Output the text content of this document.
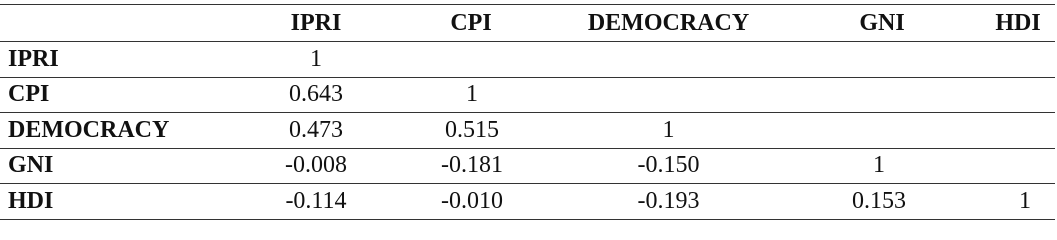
	IPRI	CPI	DEMOCRACY	GNI	HDI
IPRI	1				
CPI	0.643	1			
DEMOCRACY	0.473	0.515	1		
GNI	-0.008	-0.181	-0.150	1	
HDI	-0.114	-0.010	-0.193	0.153	1
